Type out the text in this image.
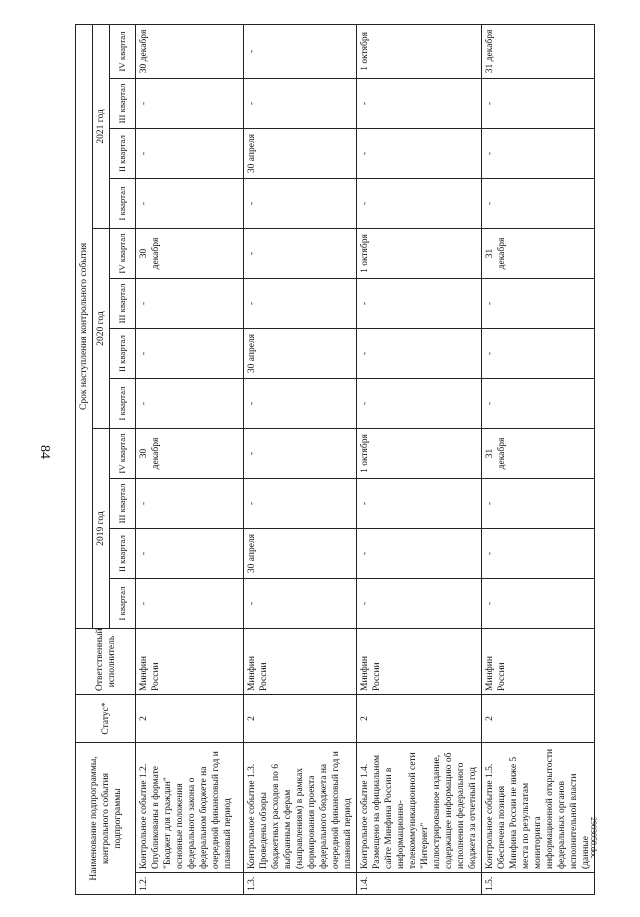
84
2903058.doc
Наименование подпрограммы, контрольного события подпрограммы		Статус*	Ответственный исполнитель	Срок наступления контрольного события											
				2019 год				2020 год				2021 год			
				I квартал	II квартал	III квартал	IV квартал	I квартал	II квартал	III квартал	IV квартал	I квартал	II квартал	III квартал	IV квартал
1.2.	Контрольное событие 1.2. Опубликованы в формате "Бюджет для граждан" основные положения федерального закона о федеральном бюджете на очередной финансовый год и плановый период	2	Минфин России	-	-	-	30 декабря	-	-	-	30 декабря	-	-	-	30 декабря
1.3.	Контрольное событие 1.3. Проведены обзоры бюджетных расходов по 6 выбранным сферам (направлениям) в рамках формирования проекта федерального бюджета на очередной финансовый год и плановый период	2	Минфин России	-	30 апреля	-	-	-	30 апреля	-	-	-	30 апреля	-	-
1.4.	Контрольное событие 1.4. Размещено на официальном сайте Минфина России в информационно-телекоммуникационной сети "Интернет" иллюстрированное издание, содержащее информацию об исполнении федерального бюджета за отчетный год	2	Минфин России	-	-	-	1 октября	-	-	-	1 октября	-	-	-	1 октября
1.5.	Контрольное событие 1.5. Обеспечена позиция Минфина России не ниже 5 места по результатам мониторинга информационной открытости федеральных органов исполнительной власти (данные	2	Минфин России	-	-	-	31 декабря	-	-	-	31 декабря	-	-	-	31 декабря
